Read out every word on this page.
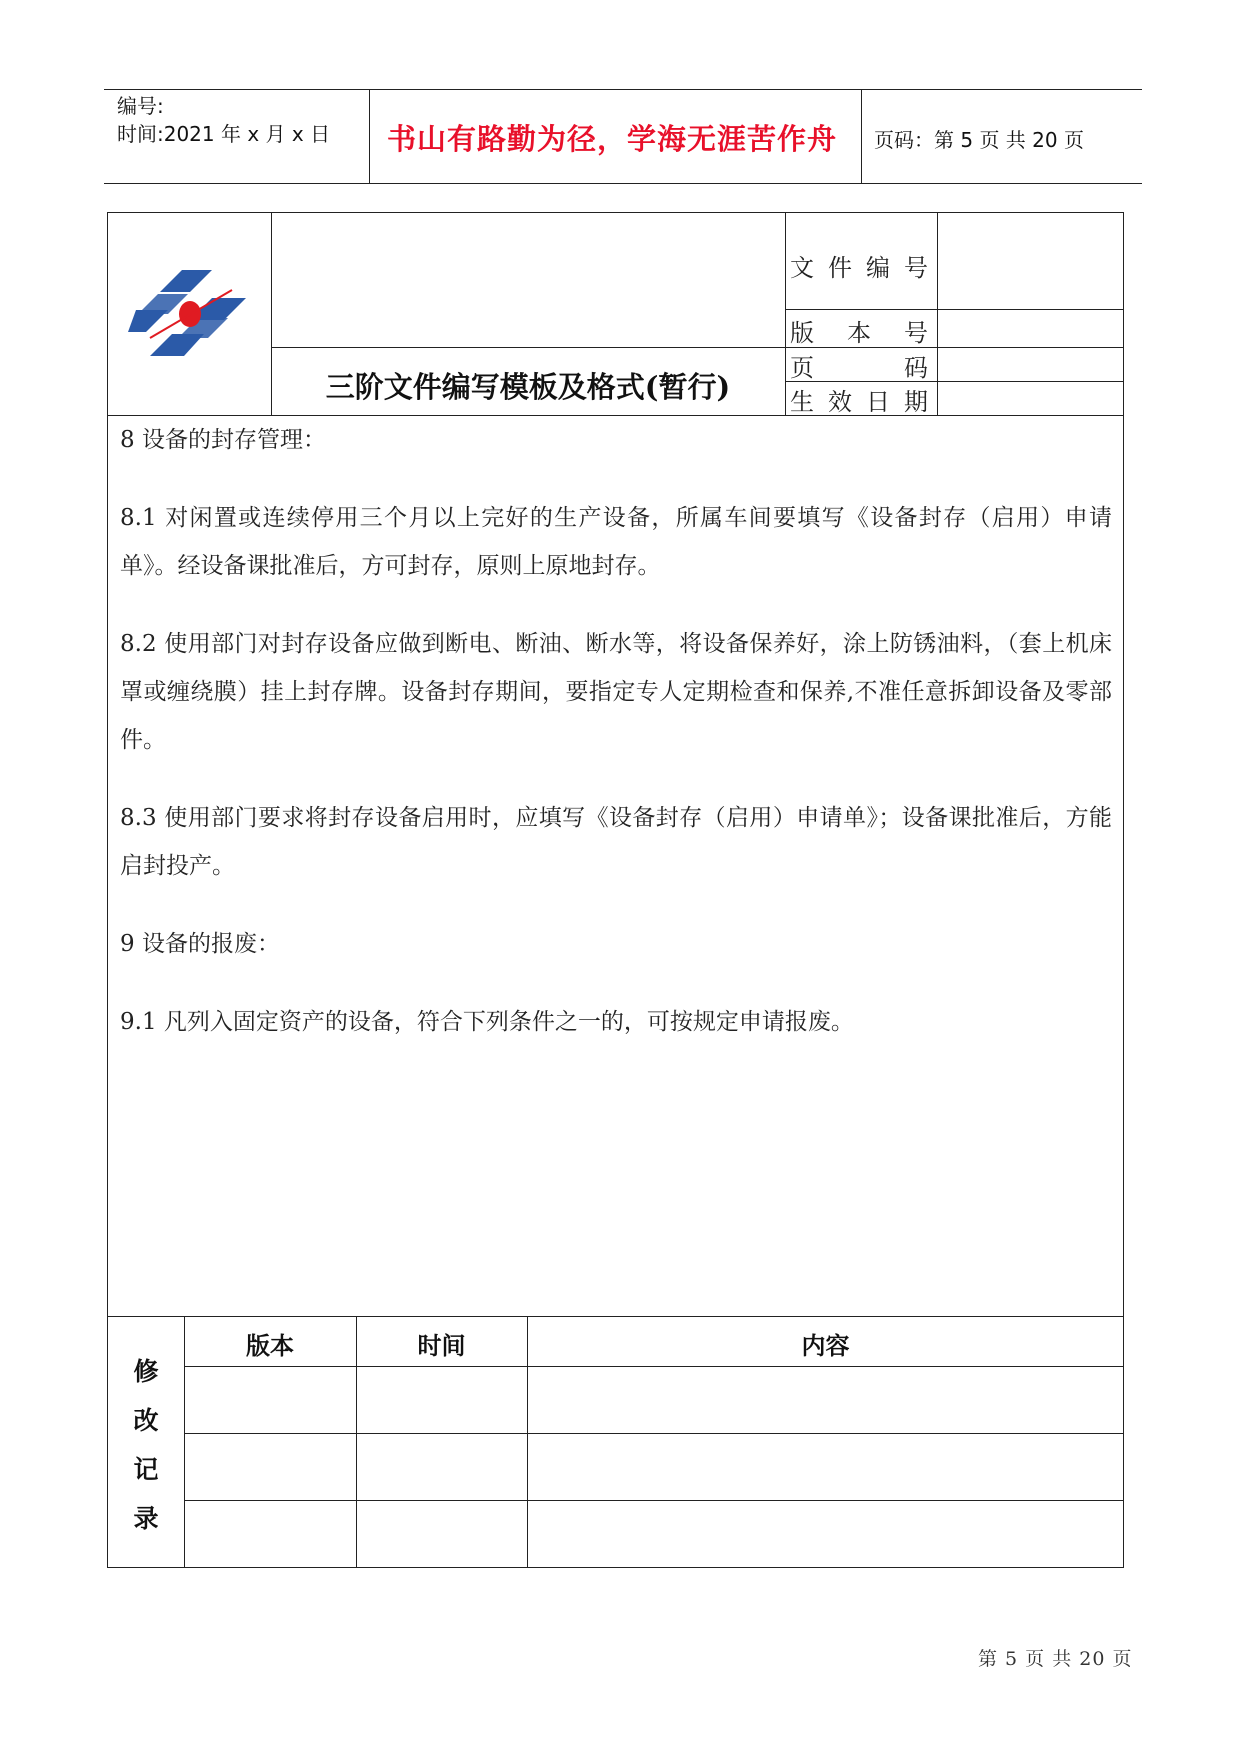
编号:
时间:2021 年 x 月 x 日	书山有路勤为径，学海无涯苦作舟	页码：第 5 页 共 20 页
三阶文件编写模板及格式(暂行)
文 件 编 号
版 本 号
页	码
生 效 日 期

8 设备的封存管理：

8.1 对闲置或连续停用三个月以上完好的生产设备，所属车间要填写《设备封存（启用）申请单》。经设备课批准后，方可封存，原则上原地封存。

8.2 使用部门对封存设备应做到断电、断油、断水等，将设备保养好，涂上防锈油料，（套上机床罩或缠绕膜）挂上封存牌。设备封存期间，要指定专人定期检查和保养,不准任意拆卸设备及零部件。

8.3 使用部门要求将封存设备启用时，应填写《设备封存（启用）申请单》；设备课批准后，方能启封投产。

9 设备的报废：

9.1 凡列入固定资产的设备，符合下列条件之一的，可按规定申请报废。

修
改
记
录
版本	时间	内容
第 5 页 共 20 页
